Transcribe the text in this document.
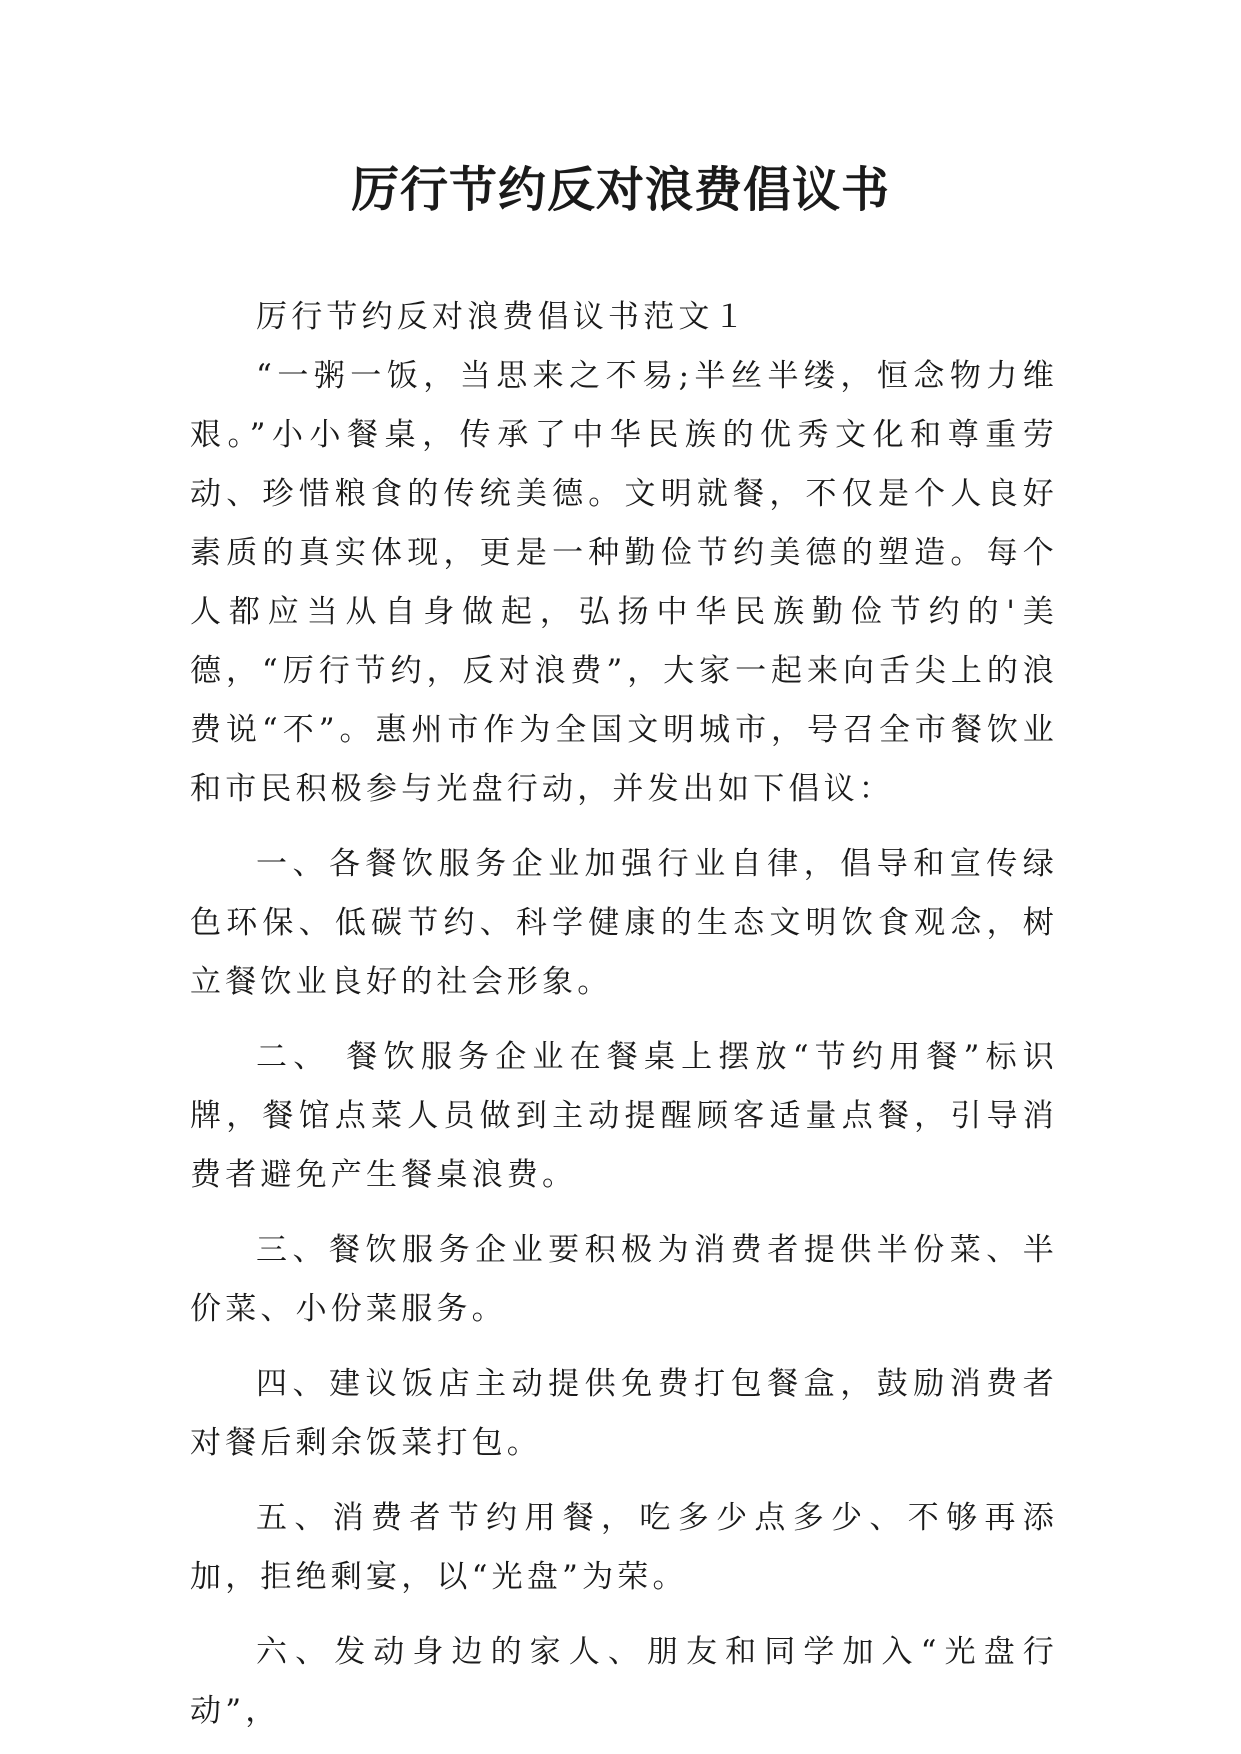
厉行节约反对浪费倡议书

厉行节约反对浪费倡议书范文１

“一粥一饭，当思来之不易;半丝半缕，恒念物力维艰。”小小餐桌，传承了中华民族的优秀文化和尊重劳动、珍惜粮食的传统美德。文明就餐，不仅是个人良好素质的真实体现，更是一种勤俭节约美德的塑造。每个人都应当从自身做起，弘扬中华民族勤俭节约的'美德，“厉行节约，反对浪费”，大家一起来向舌尖上的浪费说“不”。惠州市作为全国文明城市，号召全市餐饮业和市民积极参与光盘行动，并发出如下倡议：

一、各餐饮服务企业加强行业自律，倡导和宣传绿色环保、低碳节约、科学健康的生态文明饮食观念，树立餐饮业良好的社会形象。

二、 餐饮服务企业在餐桌上摆放“节约用餐”标识牌，餐馆点菜人员做到主动提醒顾客适量点餐，引导消费者避免产生餐桌浪费。

三、餐饮服务企业要积极为消费者提供半份菜、半价菜、小份菜服务。

四、建议饭店主动提供免费打包餐盒，鼓励消费者对餐后剩余饭菜打包。

五、消费者节约用餐，吃多少点多少、不够再添加，拒绝剩宴，以“光盘”为荣。

六、发动身边的家人、朋友和同学加入“光盘行动”，
